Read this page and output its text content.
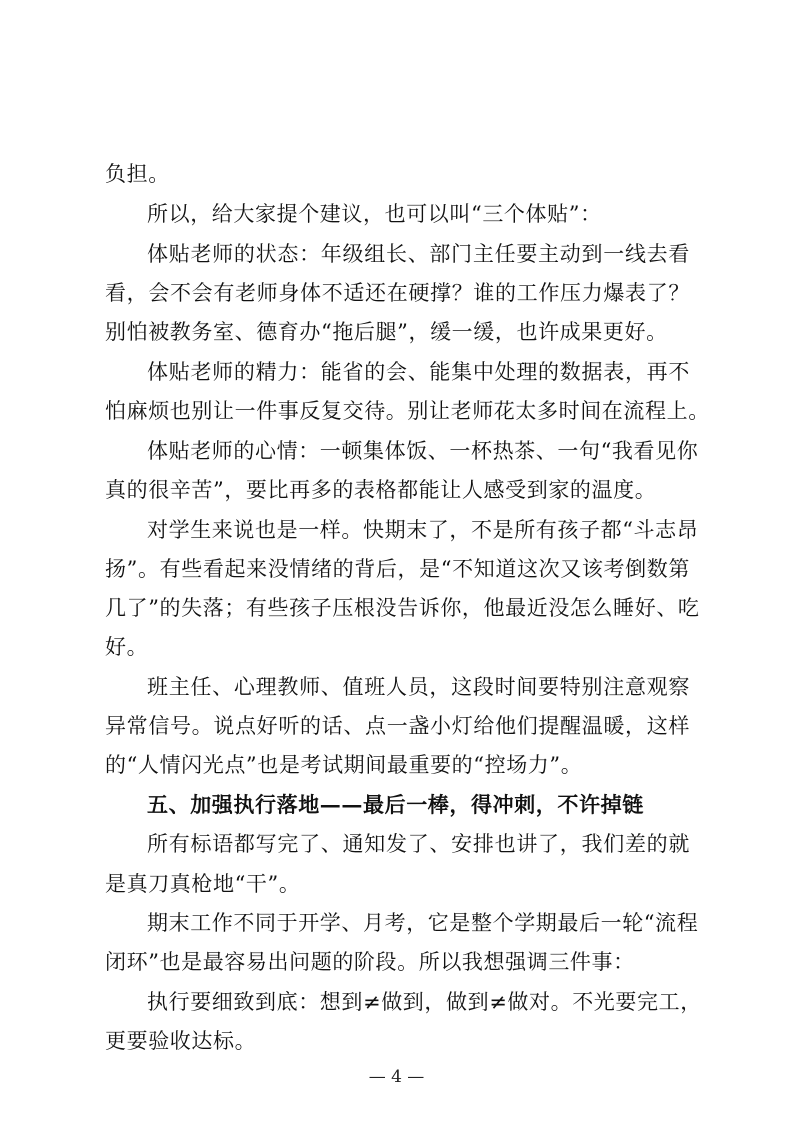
负担。
所以，给大家提个建议，也可以叫“三个体贴”：
体贴老师的状态：年级组长、部门主任要主动到一线去看
看，会不会有老师身体不适还在硬撑？谁的工作压力爆表了？
别怕被教务室、德育办“拖后腿”，缓一缓，也许成果更好。
体贴老师的精力：能省的会、能集中处理的数据表，再不
怕麻烦也别让一件事反复交待。别让老师花太多时间在流程上。
体贴老师的心情：一顿集体饭、一杯热茶、一句“我看见你
真的很辛苦”，要比再多的表格都能让人感受到家的温度。
对学生来说也是一样。快期末了，不是所有孩子都“斗志昂
扬”。有些看起来没情绪的背后，是“不知道这次又该考倒数第
几了”的失落；有些孩子压根没告诉你，他最近没怎么睡好、吃
好。
班主任、心理教师、值班人员，这段时间要特别注意观察
异常信号。说点好听的话、点一盏小灯给他们提醒温暖，这样
的“人情闪光点”也是考试期间最重要的“控场力”。
五、加强执行落地——最后一棒，得冲刺，不许掉链
所有标语都写完了、通知发了、安排也讲了，我们差的就
是真刀真枪地“干”。
期末工作不同于开学、月考，它是整个学期最后一轮“流程
闭环”也是最容易出问题的阶段。所以我想强调三件事：
执行要细致到底：想到≠做到，做到≠做对。不光要完工，
更要验收达标。
— 4 —
